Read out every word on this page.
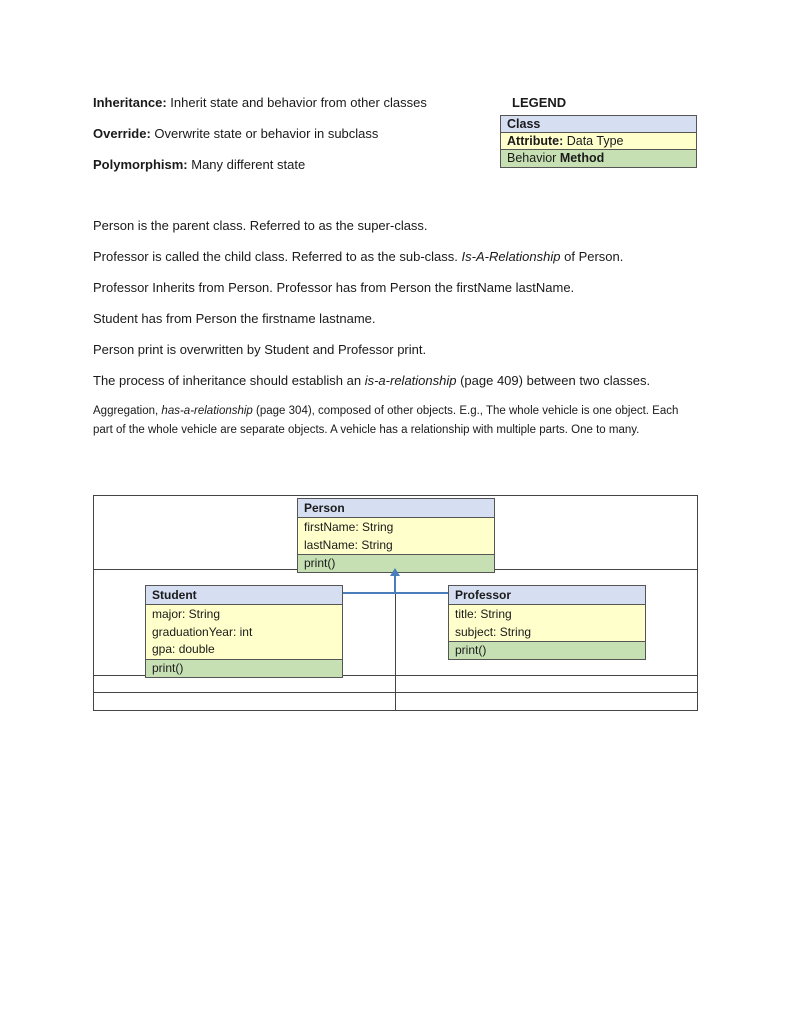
Inheritance: Inherit state and behavior from other classes
Override: Overwrite state or behavior in subclass
Polymorphism: Many different state
LEGEND
Class
Attribute: Data Type
Behavior Method
Person is the parent class. Referred to as the super-class.
Professor is called the child class. Referred to as the sub-class. Is-A-Relationship of Person.
Professor Inherits from Person. Professor has from Person the firstName lastName.
Student has from Person the firstname lastname.
Person print is overwritten by Student and Professor print.
The process of inheritance should establish an is-a-relationship (page 409) between two classes.
Aggregation, has-a-relationship (page 304), composed of other objects. E.g., The whole vehicle is one object. Each part of the whole vehicle are separate objects. A vehicle has a relationship with multiple parts. One to many.
Person
firstName: String
lastName: String
print()
Student
major: String
graduationYear: int
gpa: double
print()
Professor
title: String
subject: String
print()
